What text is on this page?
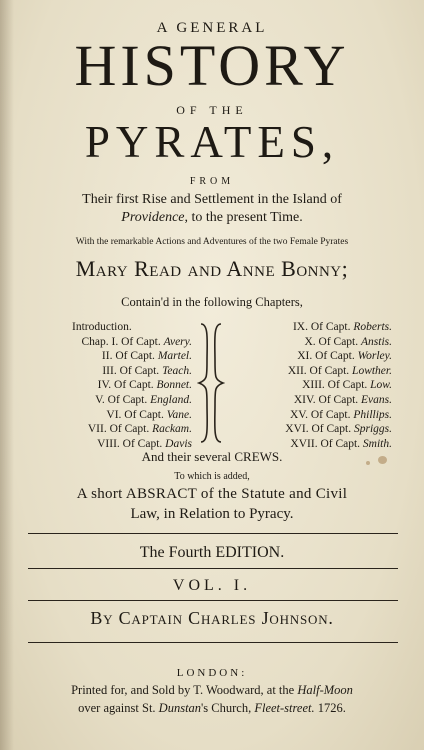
A GENERAL
HISTORY
OF THE
PYRATES,
FROM
Their first Rise and Settlement in the Island of
Providence, to the present Time.
With the remarkable Actions and Adventures of the two Female Pyrates
Mary Read and Anne Bonny;
Contain'd in the following Chapters,
Introduction.
Chap. I. Of Capt. Avery.
II. Of Capt. Martel.
III. Of Capt. Teach.
IV. Of Capt. Bonnet.
V. Of Capt. England.
VI. Of Capt. Vane.
VII. Of Capt. Rackam.
VIII. Of Capt. Davis
IX. Of Capt. Roberts.
X. Of Capt. Anstis.
XI. Of Capt. Worley.
XII. Of Capt. Lowther.
XIII. Of Capt. Low.
XIV. Of Capt. Evans.
XV. Of Capt. Phillips.
XVI. Of Capt. Spriggs.
XVII. Of Capt. Smith.
And their several CREWS.
To which is added,
A short ABSRACT of the Statute and Civil
Law, in Relation to Pyracy.
The Fourth EDITION.
VOL. I.
By Captain Charles Johnson.
LONDON:
Printed for, and Sold by T. Woodward, at the Half-Moon
over against St. Dunstan's Church, Fleet-street. 1726.
